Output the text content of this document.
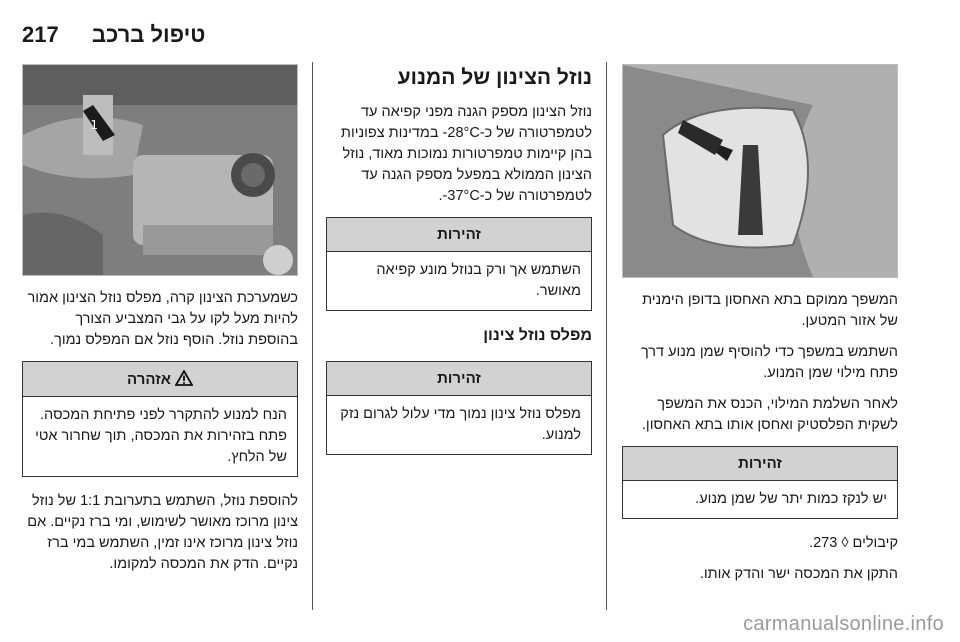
217 טיפול ברכב
1

כשמערכת הצינון קרה, מפלס נוזל הצינון אמור להיות מעל לקו על גבי המצביע הצורך בהוספת נוזל. הוסף נוזל אם המפלס נמוך.

אזהרה
הנח למנוע להתקרר לפני פתיחת המכסה. פתח בזהירות את המכסה, תוך שחרור אטי של הלחץ.

להוספת נוזל, השתמש בתערובת 1:1 של נוזל צינון מרוכז מאושר לשימוש, ומי ברז נקיים. אם נוזל צינון מרוכז אינו זמין, השתמש במי ברז נקיים. הדק את המכסה למקומו.

נוזל הצינון של המנוע

נוזל הצינון מספק הגנה מפני קפיאה עד לטמפרטורה של כ-28°C- במדינות צפוניות בהן קיימות טמפרטורות נמוכות מאוד, נוזל הצינון הממולא במפעל מספק הגנה עד לטמפרטורה של כ-37°C-.

זהירות
השתמש אך ורק בנוזל מונע קפיאה מאושר.
מפלס נוזל צינון
זהירות
מפלס נוזל צינון נמוך מדי עלול לגרום נזק למנוע.

המשפך ממוקם בתא האחסון בדופן הימנית של אזור המטען.

השתמש במשפך כדי להוסיף שמן מנוע דרך פתח מילוי שמן המנוע.

לאחר השלמת המילוי, הכנס את המשפך לשקית הפלסטיק ואחסן אותו בתא האחסון.

זהירות
יש לנקז כמות יתר של שמן מנוע.

קיבולים ◊ 273.

התקן את המכסה ישר והדק אותו.

carmanualsonline.info
